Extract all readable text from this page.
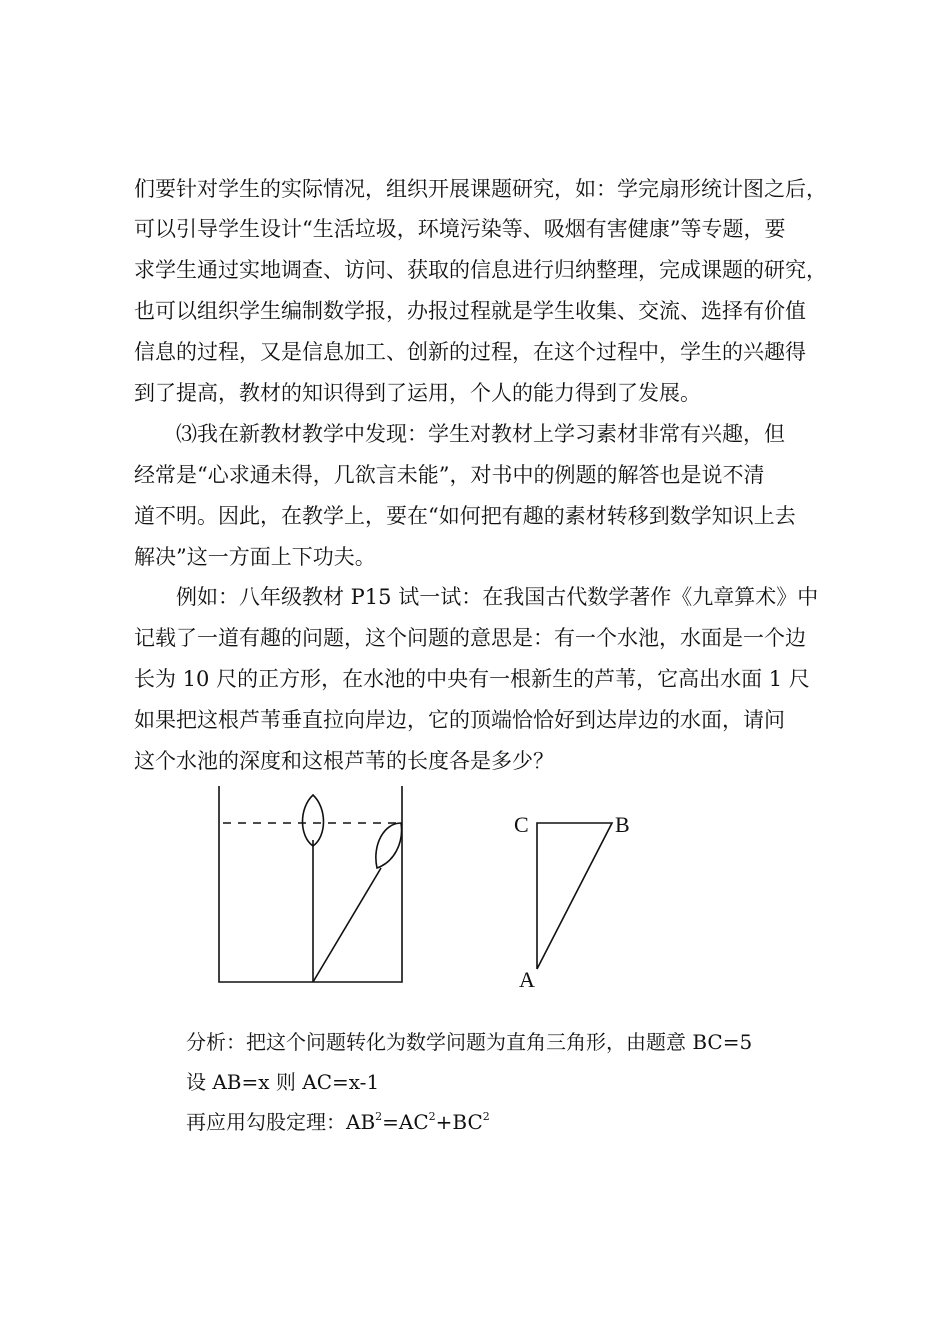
们要针对学生的实际情况，组织开展课题研究，如：学完扇形统计图之后，
可以引导学生设计“生活垃圾，环境污染等、吸烟有害健康”等专题，要
求学生通过实地调查、访问、获取的信息进行归纳整理，完成课题的研究，
也可以组织学生编制数学报，办报过程就是学生收集、交流、选择有价值
信息的过程，又是信息加工、创新的过程，在这个过程中，学生的兴趣得
到了提高，教材的知识得到了运用，个人的能力得到了发展。
⑶我在新教材教学中发现：学生对教材上学习素材非常有兴趣，但
经常是“心求通未得，几欲言未能”，对书中的例题的解答也是说不清
道不明。因此，在教学上，要在“如何把有趣的素材转移到数学知识上去
解决”这一方面上下功夫。
例如：八年级教材 P15 试一试：在我国古代数学著作《九章算术》中
记载了一道有趣的问题，这个问题的意思是：有一个水池，水面是一个边
长为 10 尺的正方形，在水池的中央有一根新生的芦苇，它高出水面 1 尺
如果把这根芦苇垂直拉向岸边，它的顶端恰恰好到达岸边的水面，请问
这个水池的深度和这根芦苇的长度各是多少？
C	B
A
分析：把这个问题转化为数学问题为直角三角形，由题意 BC=5
设 AB=x 则 AC=x-1
再应用勾股定理：$AB^2=AC^2+BC^2$
